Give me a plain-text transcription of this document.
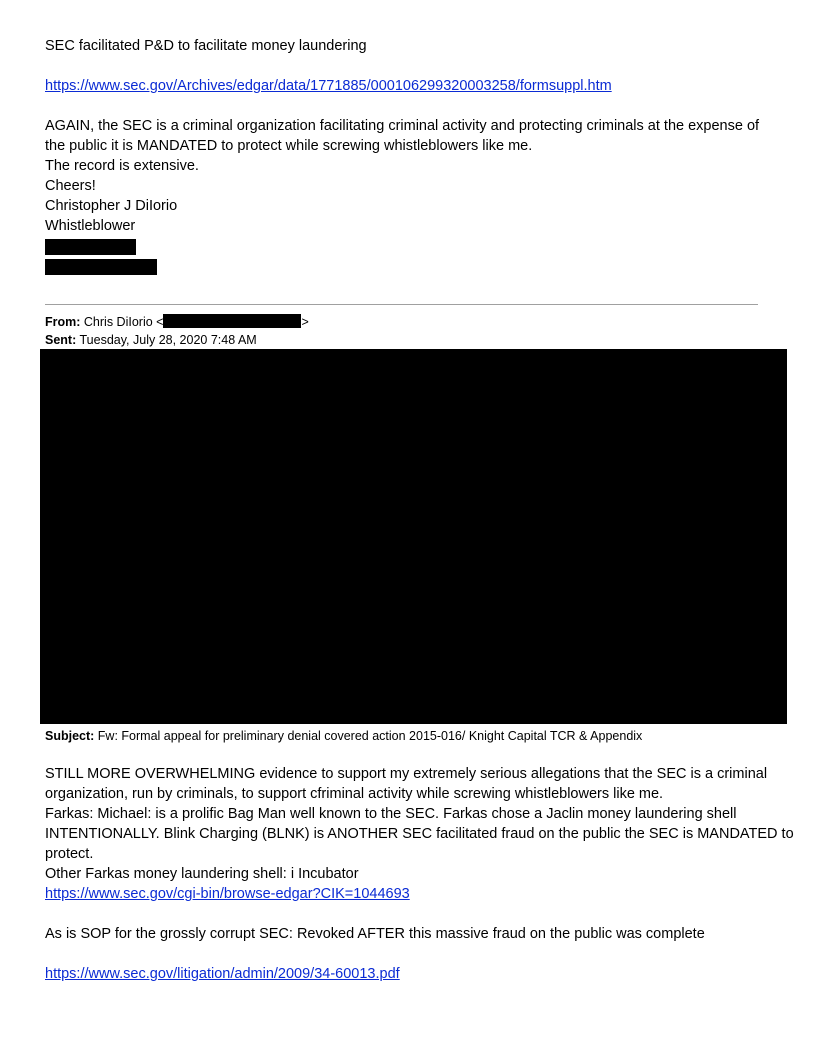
SEC facilitated P&D to facilitate money laundering
https://www.sec.gov/Archives/edgar/data/1771885/000106299320003258/formsuppl.htm
AGAIN, the SEC is a criminal organization facilitating criminal activity and protecting criminals at the expense of
the public it is MANDATED to protect while screwing whistleblowers like me.
The record is extensive.
Cheers!
Christopher J DiIorio
Whistleblower
From: Chris DiIorio <	>
Sent: Tuesday, July 28, 2020 7:48 AM
Subject: Fw: Formal appeal for preliminary denial covered action 2015-016/ Knight Capital TCR & Appendix
STILL MORE OVERWHELMING evidence to support my extremely serious allegations that the SEC is a criminal
organization, run by criminals, to support cfriminal activity while screwing whistleblowers like me.
Farkas: Michael: is a prolific Bag Man well known to the SEC. Farkas chose a Jaclin money laundering shell
INTENTIONALLY. Blink Charging (BLNK) is ANOTHER SEC facilitated fraud on the public the SEC is MANDATED to
protect.
Other Farkas money laundering shell: i Incubator
https://www.sec.gov/cgi-bin/browse-edgar?CIK=1044693
As is SOP for the grossly corrupt SEC: Revoked AFTER this massive fraud on the public was complete
https://www.sec.gov/litigation/admin/2009/34-60013.pdf
